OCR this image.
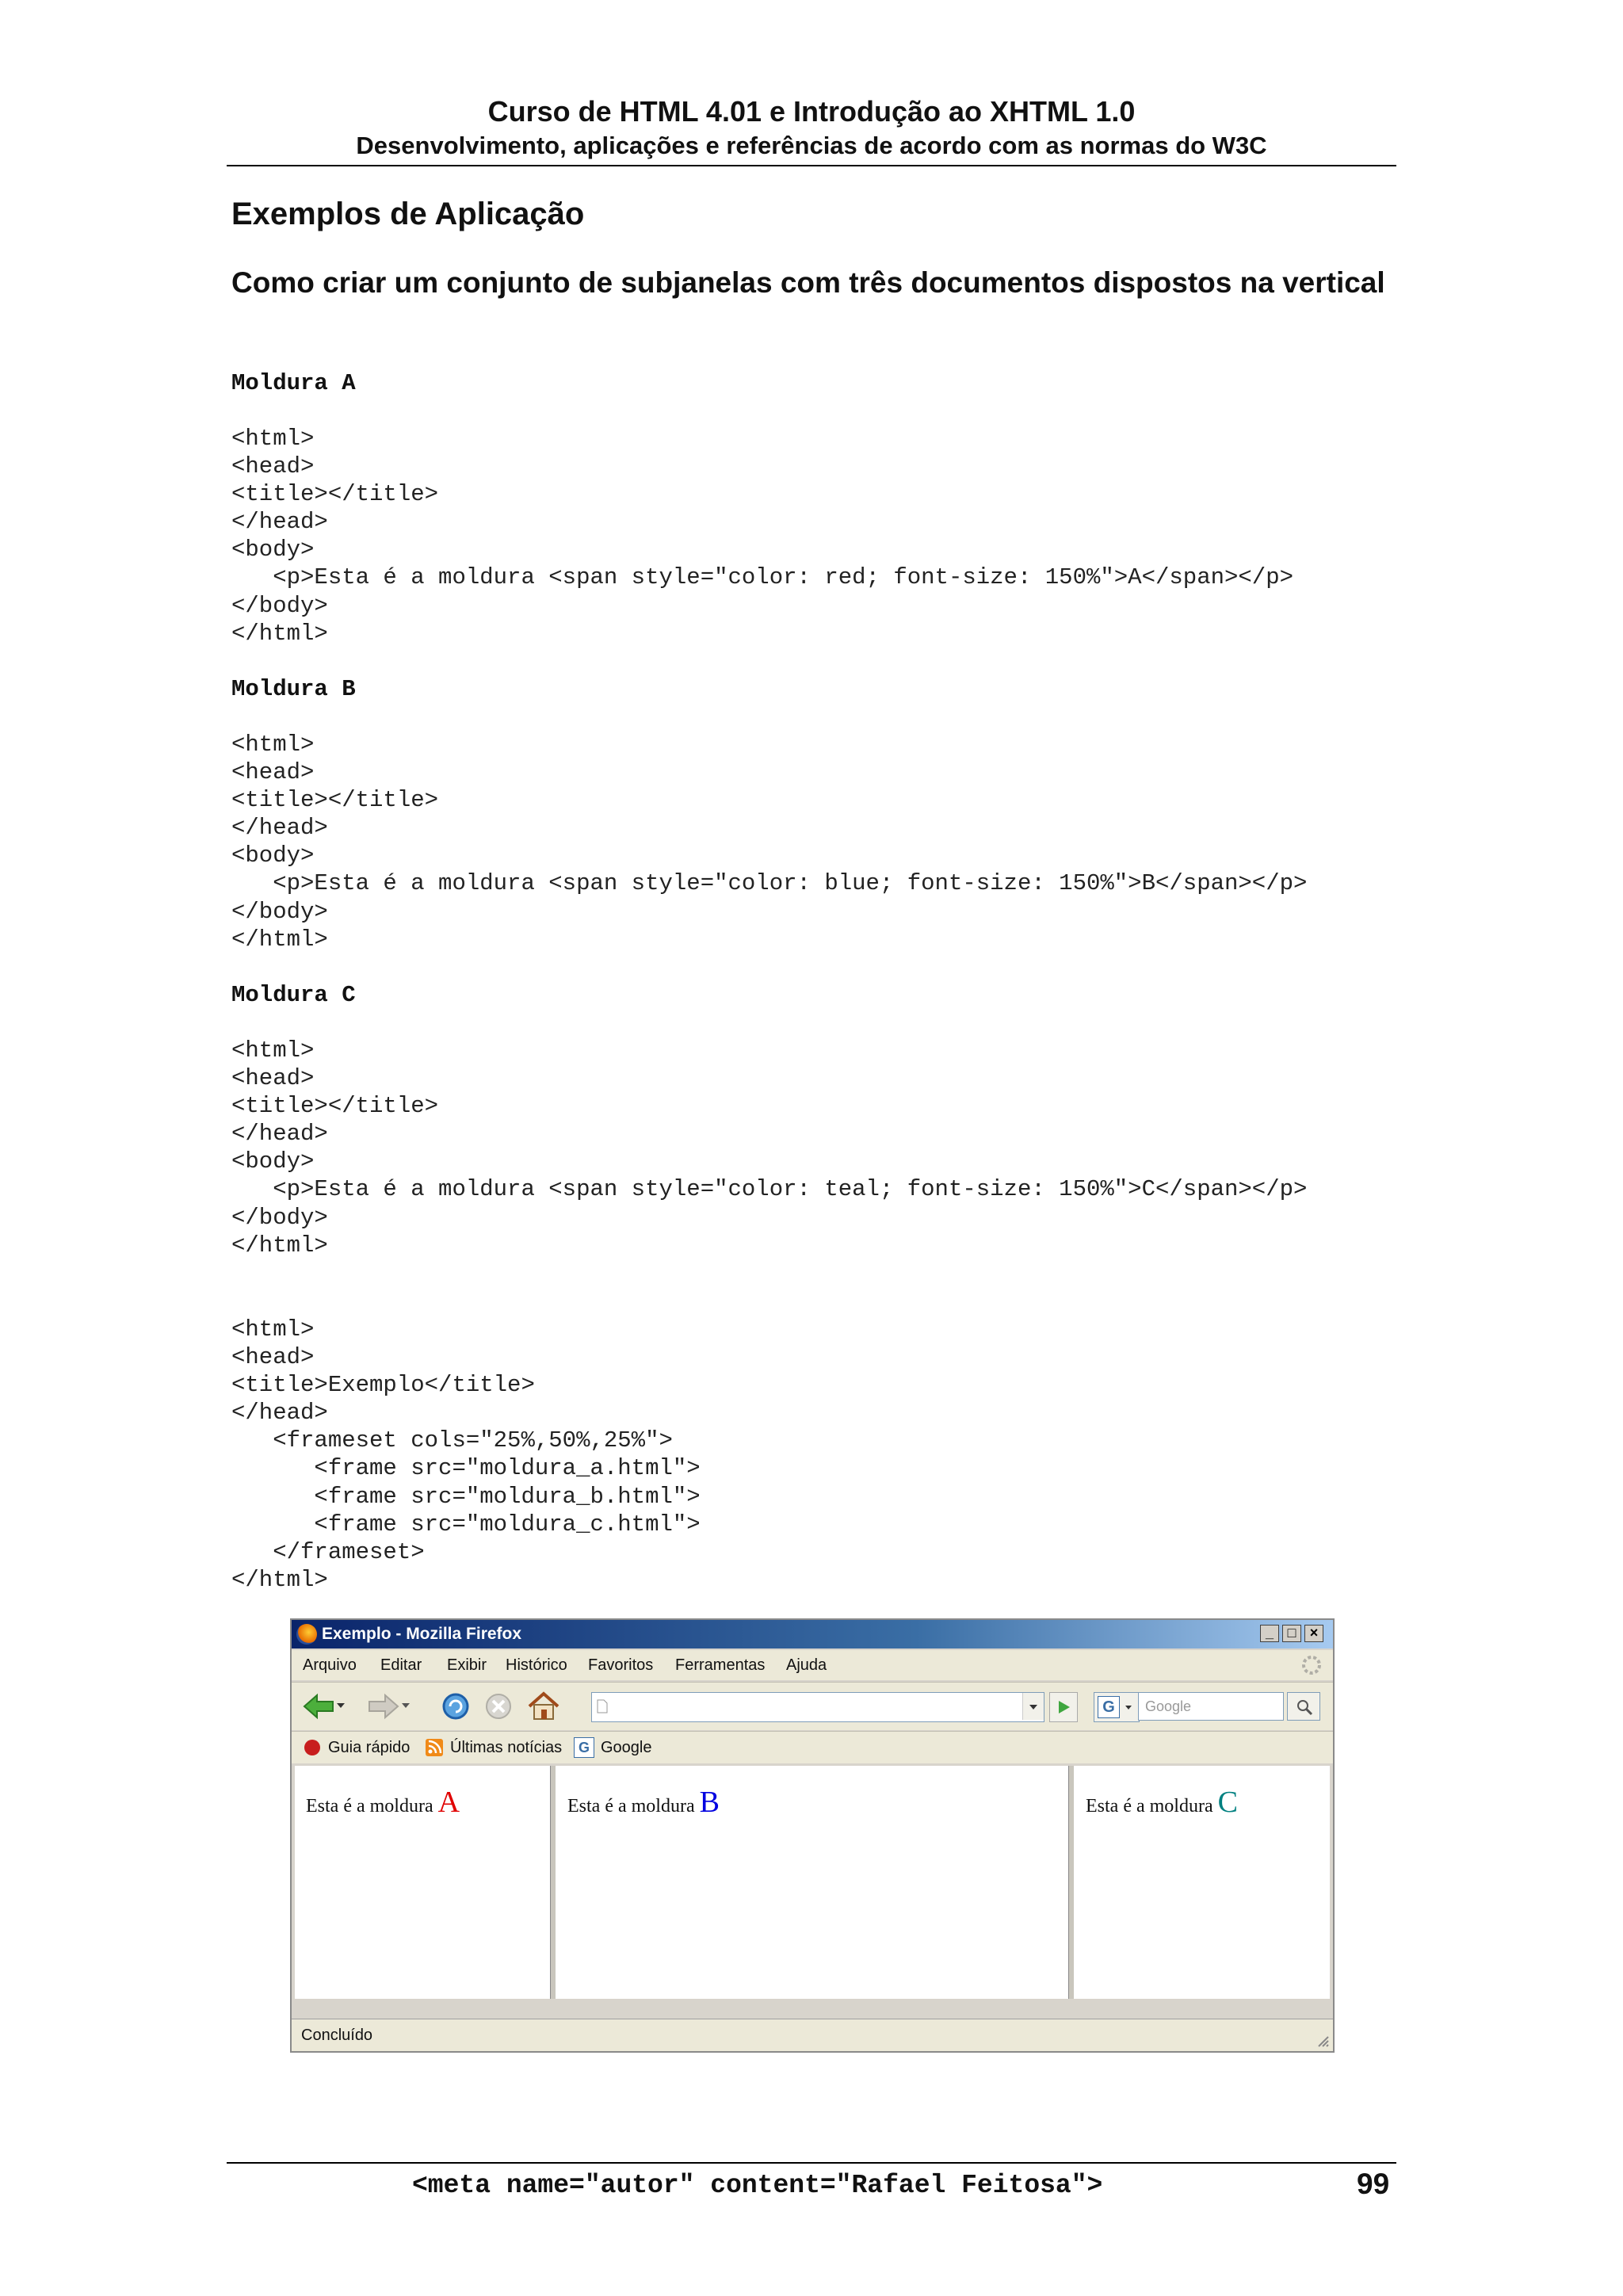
Curso de HTML 4.01 e Introdução ao XHTML 1.0
Desenvolvimento, aplicações e referências de acordo com as normas do W3C
Exemplos de Aplicação
Como criar um conjunto de subjanelas com três documentos dispostos na vertical
Moldura A
<html>
<head>
<title></title>
</head>
<body>
<p>Esta é a moldura <span style="color: red; font-size: 150%">A</span></p>
</body>
</html>
Moldura B
<html>
<head>
<title></title>
</head>
<body>
<p>Esta é a moldura <span style="color: blue; font-size: 150%">B</span></p>
</body>
</html>
Moldura C
<html>
<head>
<title></title>
</head>
<body>
<p>Esta é a moldura <span style="color: teal; font-size: 150%">C</span></p>
</body>
</html>
<html>
<head>
<title>Exemplo</title>
</head>
<frameset cols="25%,50%,25%">
<frame src="moldura_a.html">
<frame src="moldura_b.html">
<frame src="moldura_c.html">
</frameset>
</html>
Exemplo - Mozilla Firefox	_ □ ×
Arquivo Editar Exibir Histórico Favoritos Ferramentas Ajuda
G	Google
Guia rápido	Últimas notícias	G Google

Esta é a moldura A	Esta é a moldura B	Esta é a moldura C

Concluído
<meta name="autor" content="Rafael Feitosa">	99
